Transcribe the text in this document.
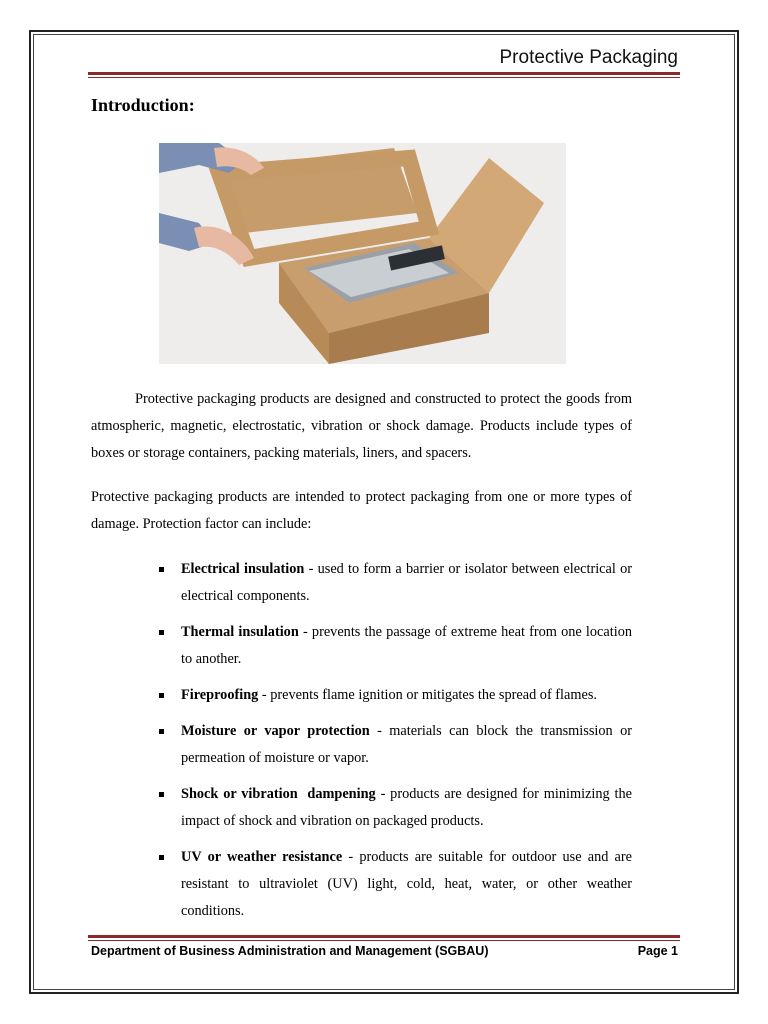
Protective Packaging
Introduction:
Protective packaging products are designed and constructed to protect the goods from atmospheric, magnetic, electrostatic, vibration or shock damage. Products include types of boxes or storage containers, packing materials, liners, and spacers.
Protective packaging products are intended to protect packaging from one or more types of damage. Protection factor can include:
Electrical insulation - used to form a barrier or isolator between electrical or electrical components.
Thermal insulation - prevents the passage of extreme heat from one location to another.
Fireproofing - prevents flame ignition or mitigates the spread of flames.
Moisture or vapor protection - materials can block the transmission or permeation of moisture or vapor.
Shock or vibration  dampening - products are designed for minimizing the impact of shock and vibration on packaged products.
UV or weather resistance - products are suitable for outdoor use and are resistant to ultraviolet (UV) light, cold, heat, water, or other weather conditions.
Department of Business Administration and Management (SGBAU)	Page 1
